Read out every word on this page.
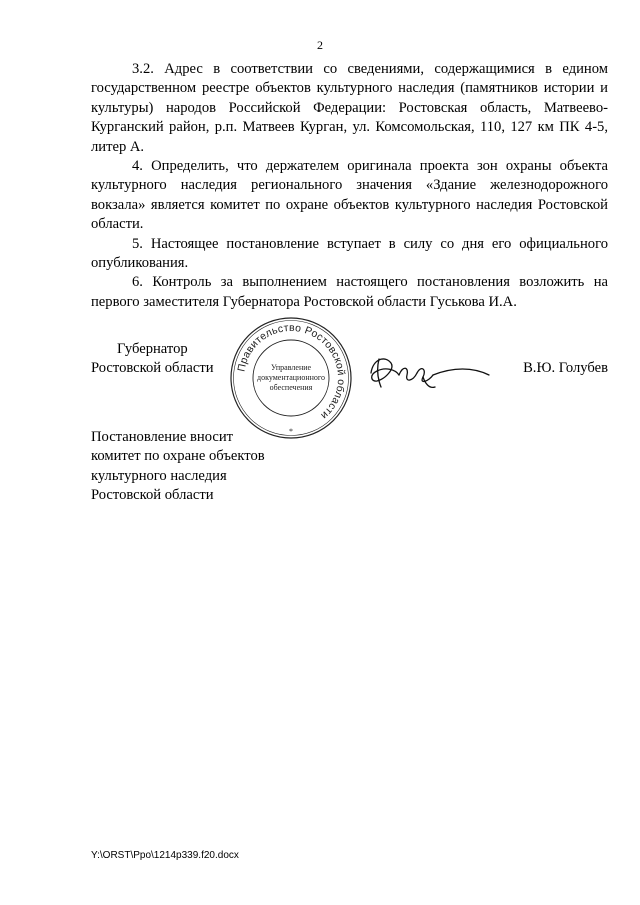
2

3.2. Адрес в соответствии со сведениями, содержащимися в едином государственном реестре объектов культурного наследия (памятников истории и культуры) народов Российской Федерации: Ростовская область, Матвеево-Курганский район, р.п. Матвеев Курган, ул. Комсомольская, 110, 127 км ПК 4-5, литер А.

4. Определить, что держателем оригинала проекта зон охраны объекта культурного наследия регионального значения «Здание железнодорожного вокзала» является комитет по охране объектов культурного наследия Ростовской области.

5. Настоящее постановление вступает в силу со дня его официального опубликования.

6. Контроль за выполнением настоящего постановления возложить на первого заместителя Губернатора Ростовской области Гуськова И.А.

Губернатор
Ростовской области Правительство Ростовской области
Управление
документационного
обеспечения
*
В.Ю. Голубев
Постановление вносит
комитет по охране объектов
культурного наследия
Ростовской области
Y:\ORST\Ppo\1214p339.f20.docx
